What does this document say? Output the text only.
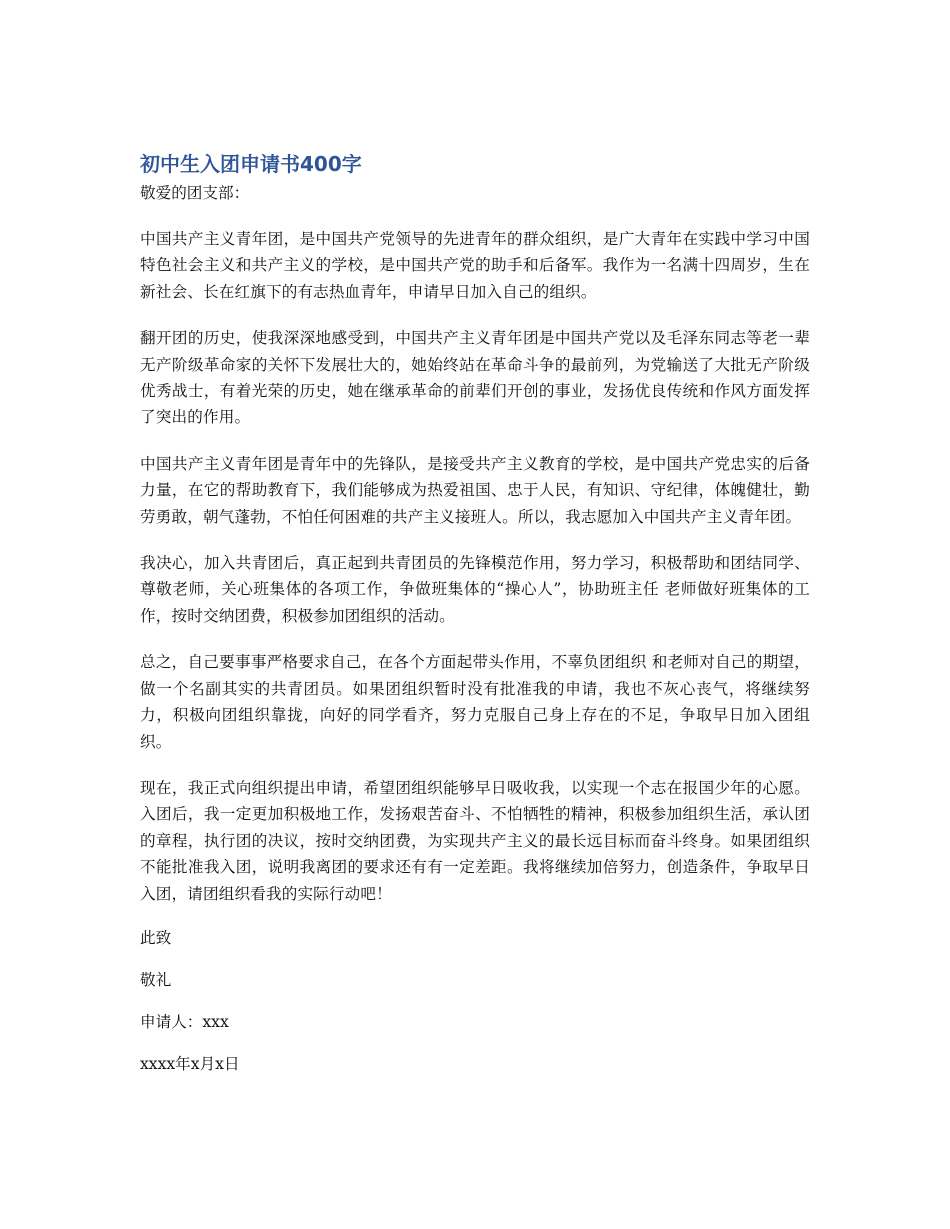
初中生入团申请书400字

敬爱的团支部：

中国共产主义青年团，是中国共产党领导的先进青年的群众组织，是广大青年在实践中学习中国特色社会主义和共产主义的学校，是中国共产党的助手和后备军。我作为一名满十四周岁，生在新社会、长在红旗下的有志热血青年，申请早日加入自己的组织。

翻开团的历史，使我深深地感受到，中国共产主义青年团是中国共产党以及毛泽东同志等老一辈无产阶级革命家的关怀下发展壮大的，她始终站在革命斗争的最前列，为党输送了大批无产阶级优秀战士，有着光荣的历史，她在继承革命的前辈们开创的事业，发扬优良传统和作风方面发挥了突出的作用。

中国共产主义青年团是青年中的先锋队，是接受共产主义教育的学校，是中国共产党忠实的后备力量，在它的帮助教育下，我们能够成为热爱祖国、忠于人民，有知识、守纪律，体魄健壮，勤劳勇敢，朝气蓬勃，不怕任何困难的共产主义接班人。所以，我志愿加入中国共产主义青年团。

我决心，加入共青团后，真正起到共青团员的先锋模范作用，努力学习，积极帮助和团结同学、尊敬老师，关心班集体的各项工作，争做班集体的“操心人”，协助班主任 老师做好班集体的工作，按时交纳团费，积极参加团组织的活动。

总之，自己要事事严格要求自己，在各个方面起带头作用，不辜负团组织 和老师对自己的期望，做一个名副其实的共青团员。如果团组织暂时没有批准我的申请，我也不灰心丧气，将继续努力，积极向团组织靠拢，向好的同学看齐，努力克服自己身上存在的不足，争取早日加入团组织。

现在，我正式向组织提出申请，希望团组织能够早日吸收我，以实现一个志在报国少年的心愿。入团后，我一定更加积极地工作，发扬艰苦奋斗、不怕牺牲的精神，积极参加组织生活，承认团的章程，执行团的决议，按时交纳团费，为实现共产主义的最长远目标而奋斗终身。如果团组织不能批准我入团，说明我离团的要求还有有一定差距。我将继续加倍努力，创造条件，争取早日入团，请团组织看我的实际行动吧！

此致

敬礼

申请人：xxx

xxxx年x月x日
